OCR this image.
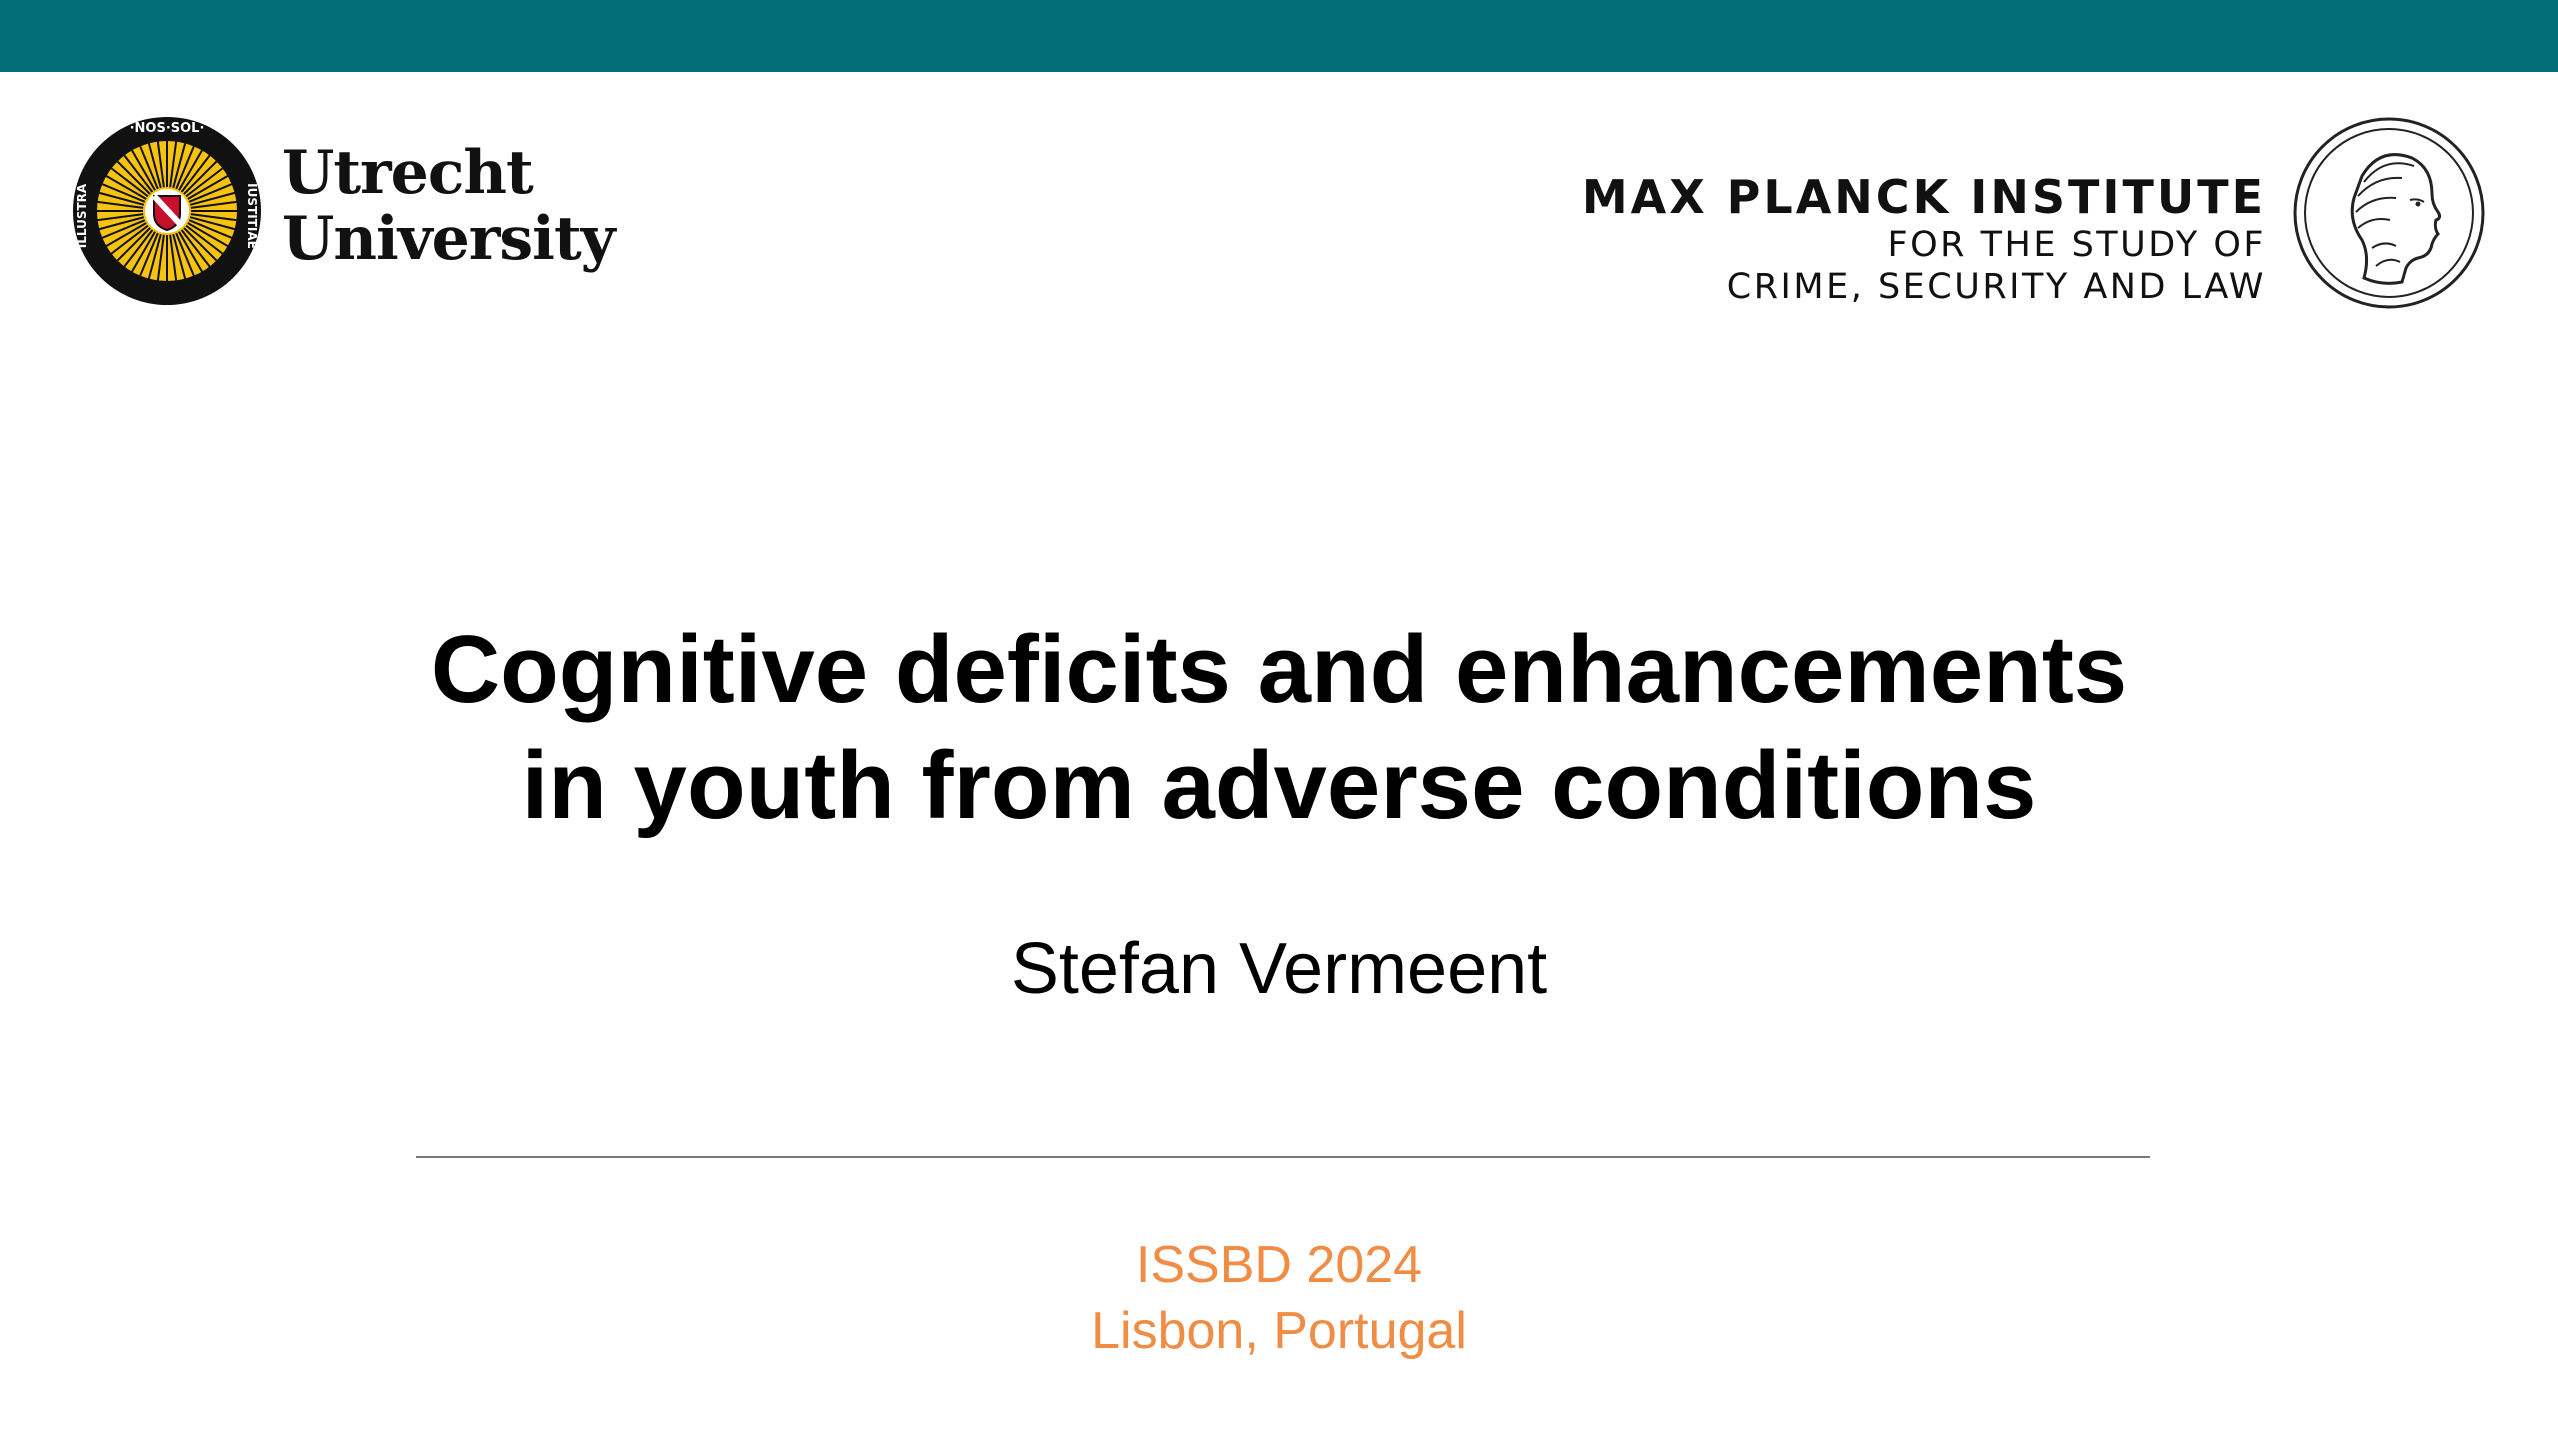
·NOS·SOL·
ILLUSTRA	IUSTITIAE
Utrecht
University
MAX PLANCK INSTITUTE
FOR THE STUDY OF
CRIME, SECURITY AND LAW
Cognitive deficits and enhancements
in youth from adverse conditions
Stefan Vermeent
ISSBD 2024
Lisbon, Portugal
